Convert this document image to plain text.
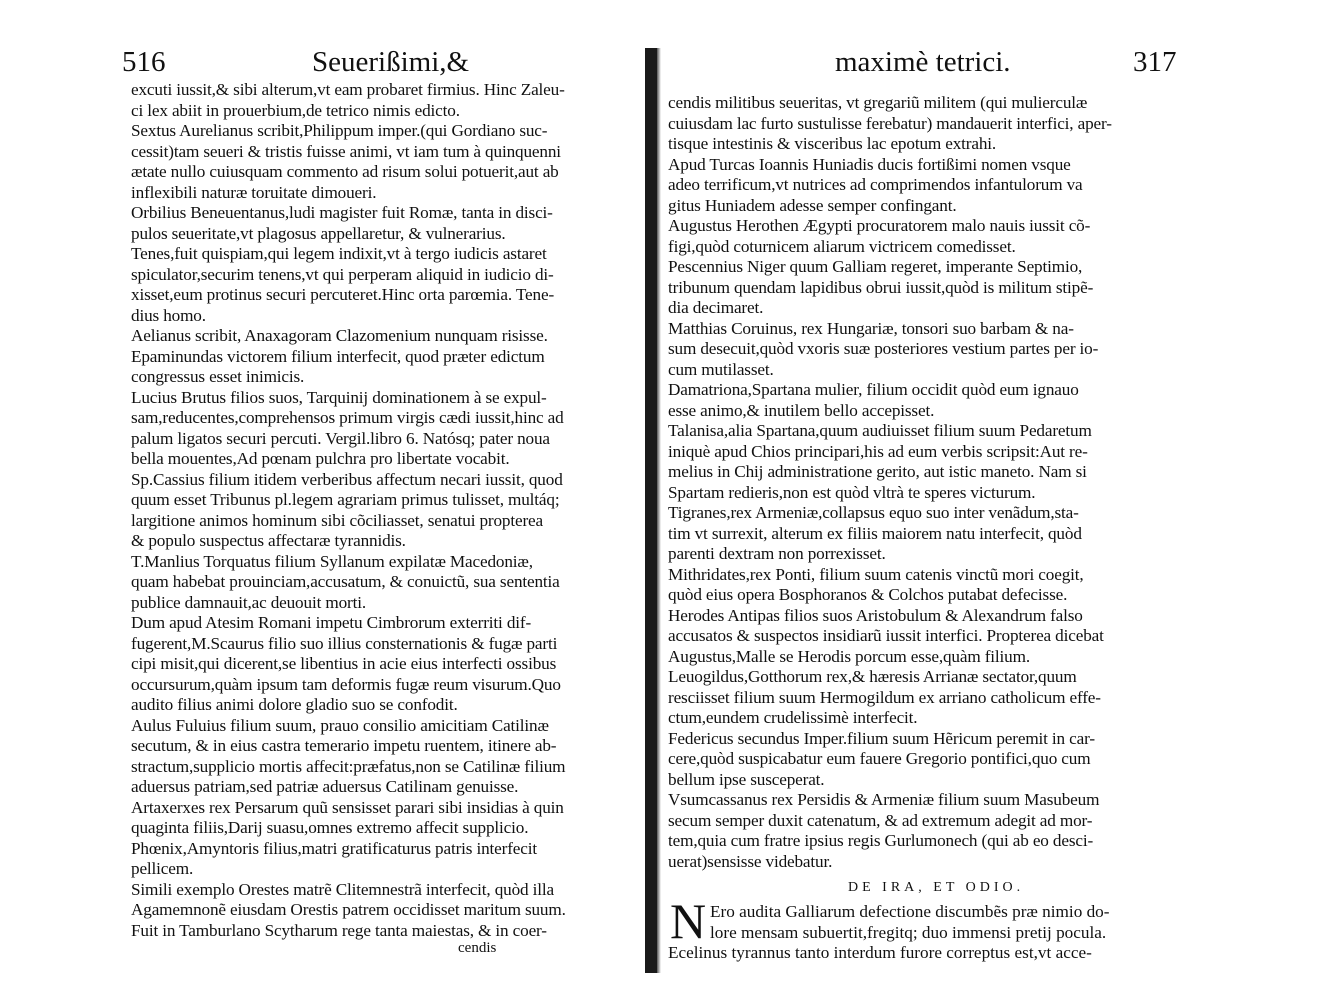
516	Seuerißimi,&
excuti iussit,& sibi alterum,vt eam probaret firmius. Hinc Zaleu-
ci lex abiit in prouerbium,de tetrico nimis edicto.
Sextus Aurelianus scribit,Philippum imper.(qui Gordiano suc-
cessit)tam seueri & tristis fuisse animi, vt iam tum à quinquenni
ætate nullo cuiusquam commento ad risum solui potuerit,aut ab
inflexibili naturæ toruitate dimoueri.
Orbilius Beneuentanus,ludi magister fuit Romæ, tanta in disci-
pulos seueritate,vt plagosus appellaretur, & vulnerarius.
Tenes,fuit quispiam,qui legem indixit,vt à tergo iudicis astaret
spiculator,securim tenens,vt qui perperam aliquid in iudicio di-
xisset,eum protinus securi percuteret.Hinc orta parœmia. Tene-
dius homo.
Aelianus scribit, Anaxagoram Clazomenium nunquam risisse.
Epaminundas victorem filium interfecit, quod præter edictum
congressus esset inimicis.
Lucius Brutus filios suos, Tarquinij dominationem à se expul-
sam,reducentes,comprehensos primum virgis cædi iussit,hinc ad
palum ligatos securi percuti. Vergil.libro 6. Natósq; pater noua
bella mouentes,Ad pœnam pulchra pro libertate vocabit.
Sp.Cassius filium itidem verberibus affectum necari iussit, quod
quum esset Tribunus pl.legem agrariam primus tulisset, multáq;
largitione animos hominum sibi cõciliasset, senatui propterea
& populo suspectus affectaræ tyrannidis.
T.Manlius Torquatus filium Syllanum expilatæ Macedoniæ,
quam habebat prouinciam,accusatum, & conuictũ, sua sententia
publice damnauit,ac deuouit morti.
Dum apud Atesim Romani impetu Cimbrorum exterriti dif-
fugerent,M.Scaurus filio suo illius consternationis & fugæ parti
cipi misit,qui dicerent,se libentius in acie eius interfecti ossibus
occursurum,quàm ipsum tam deformis fugæ reum visurum.Quo
audito filius animi dolore gladio suo se confodit.
Aulus Fuluius filium suum, prauo consilio amicitiam Catilinæ
secutum, & in eius castra temerario impetu ruentem, itinere ab-
stractum,supplicio mortis affecit:præfatus,non se Catilinæ filium
aduersus patriam,sed patriæ aduersus Catilinam genuisse.
Artaxerxes rex Persarum quũ sensisset parari sibi insidias à quin
quaginta filiis,Darij suasu,omnes extremo affecit supplicio.
Phœnix,Amyntoris filius,matri gratificaturus patris interfecit
pellicem.
Simili exemplo Orestes matrẽ Clitemnestrã interfecit, quòd illa
Agamemnonẽ eiusdam Orestis patrem occidisset maritum suum.
Fuit in Tamburlano Scytharum rege tanta maiestas, & in coer-
cendis
maximè tetrici.	317
cendis militibus seueritas, vt gregariũ militem (qui mulierculæ
cuiusdam lac furto sustulisse ferebatur) mandauerit interfici, aper-
tisque intestinis & visceribus lac epotum extrahi.
Apud Turcas Ioannis Huniadis ducis fortißimi nomen vsque
adeo terrificum,vt nutrices ad comprimendos infantulorum va
gitus Huniadem adesse semper confingant.
Augustus Herothen Ægypti procuratorem malo nauis iussit cõ-
figi,quòd coturnicem aliarum victricem comedisset.
Pescennius Niger quum Galliam regeret, imperante Septimio,
tribunum quendam lapidibus obrui iussit,quòd is militum stipẽ-
dia decimaret.
Matthias Coruinus, rex Hungariæ, tonsori suo barbam & na-
sum desecuit,quòd vxoris suæ posteriores vestium partes per io-
cum mutilasset.
Damatriona,Spartana mulier, filium occidit quòd eum ignauo
esse animo,& inutilem bello accepisset.
Talanisa,alia Spartana,quum audiuisset filium suum Pedaretum
iniquè apud Chios principari,his ad eum verbis scripsit:Aut re-
melius in Chij administratione gerito, aut istic maneto. Nam si
Spartam redieris,non est quòd vltrà te speres victurum.
Tigranes,rex Armeniæ,collapsus equo suo inter venãdum,sta-
tim vt surrexit, alterum ex filiis maiorem natu interfecit, quòd
parenti dextram non porrexisset.
Mithridates,rex Ponti, filium suum catenis vinctũ mori coegit,
quòd eius opera Bosphoranos & Colchos putabat defecisse.
Herodes Antipas filios suos Aristobulum & Alexandrum falso
accusatos & suspectos insidiarũ iussit interfici. Propterea dicebat
Augustus,Malle se Herodis porcum esse,quàm filium.
Leuogildus,Gotthorum rex,& hæresis Arrianæ sectator,quum
resciisset filium suum Hermogildum ex arriano catholicum effe-
ctum,eundem crudelissimè interfecit.
Federicus secundus Imper.filium suum Hẽricum peremit in car-
cere,quòd suspicabatur eum fauere Gregorio pontifici,quo cum
bellum ipse susceperat.
Vsumcassanus rex Persidis & Armeniæ filium suum Masubeum
secum semper duxit catenatum, & ad extremum adegit ad mor-
tem,quia cum fratre ipsius regis Gurlumonech (qui ab eo desci-
uerat)sensisse videbatur.
DE IRA, ET ODIO.
N Ero audita Galliarum defectione discumbẽs præ nimio do-
lore mensam subuertit,fregitq; duo immensi pretij pocula.
Ecelinus tyrannus tanto interdum furore correptus est,vt acce-
